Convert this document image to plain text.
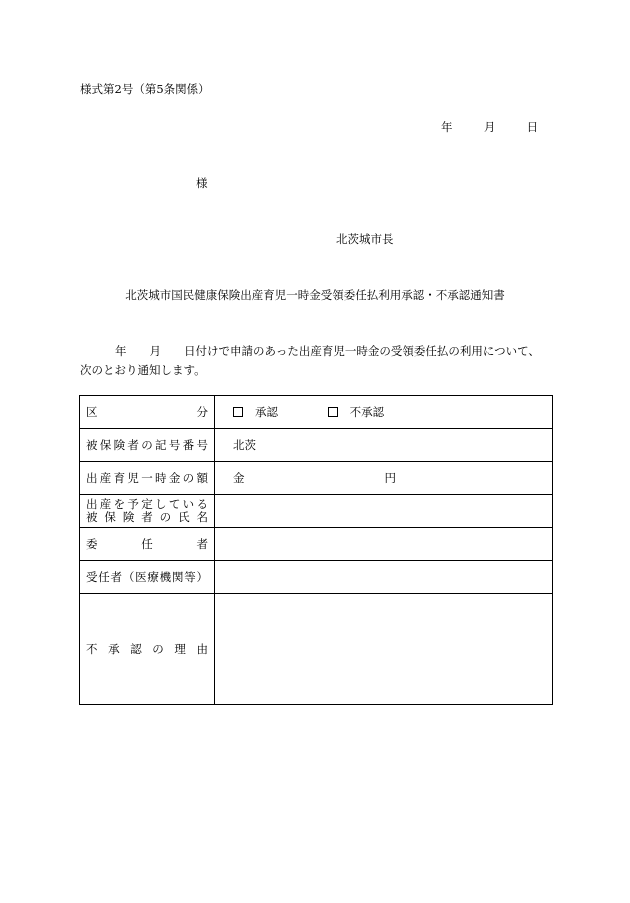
様式第2号（第5条関係）
年	月	日
様
北茨城市長
北茨城市国民健康保険出産育児一時金受領委任払利用承認・不承認通知書
年　　月　　日付けで申請のあった出産育児一時金の受領委任払の利用について、
次のとおり通知します。
区　　　　　分	承認 不承認
被保険者の記号番号	北茨
出産育児一時金の額	金 円

出産を予定している
被保険者の氏名	

委　　任　　者	
受任者（医療機関等）	
不承認の理由	
